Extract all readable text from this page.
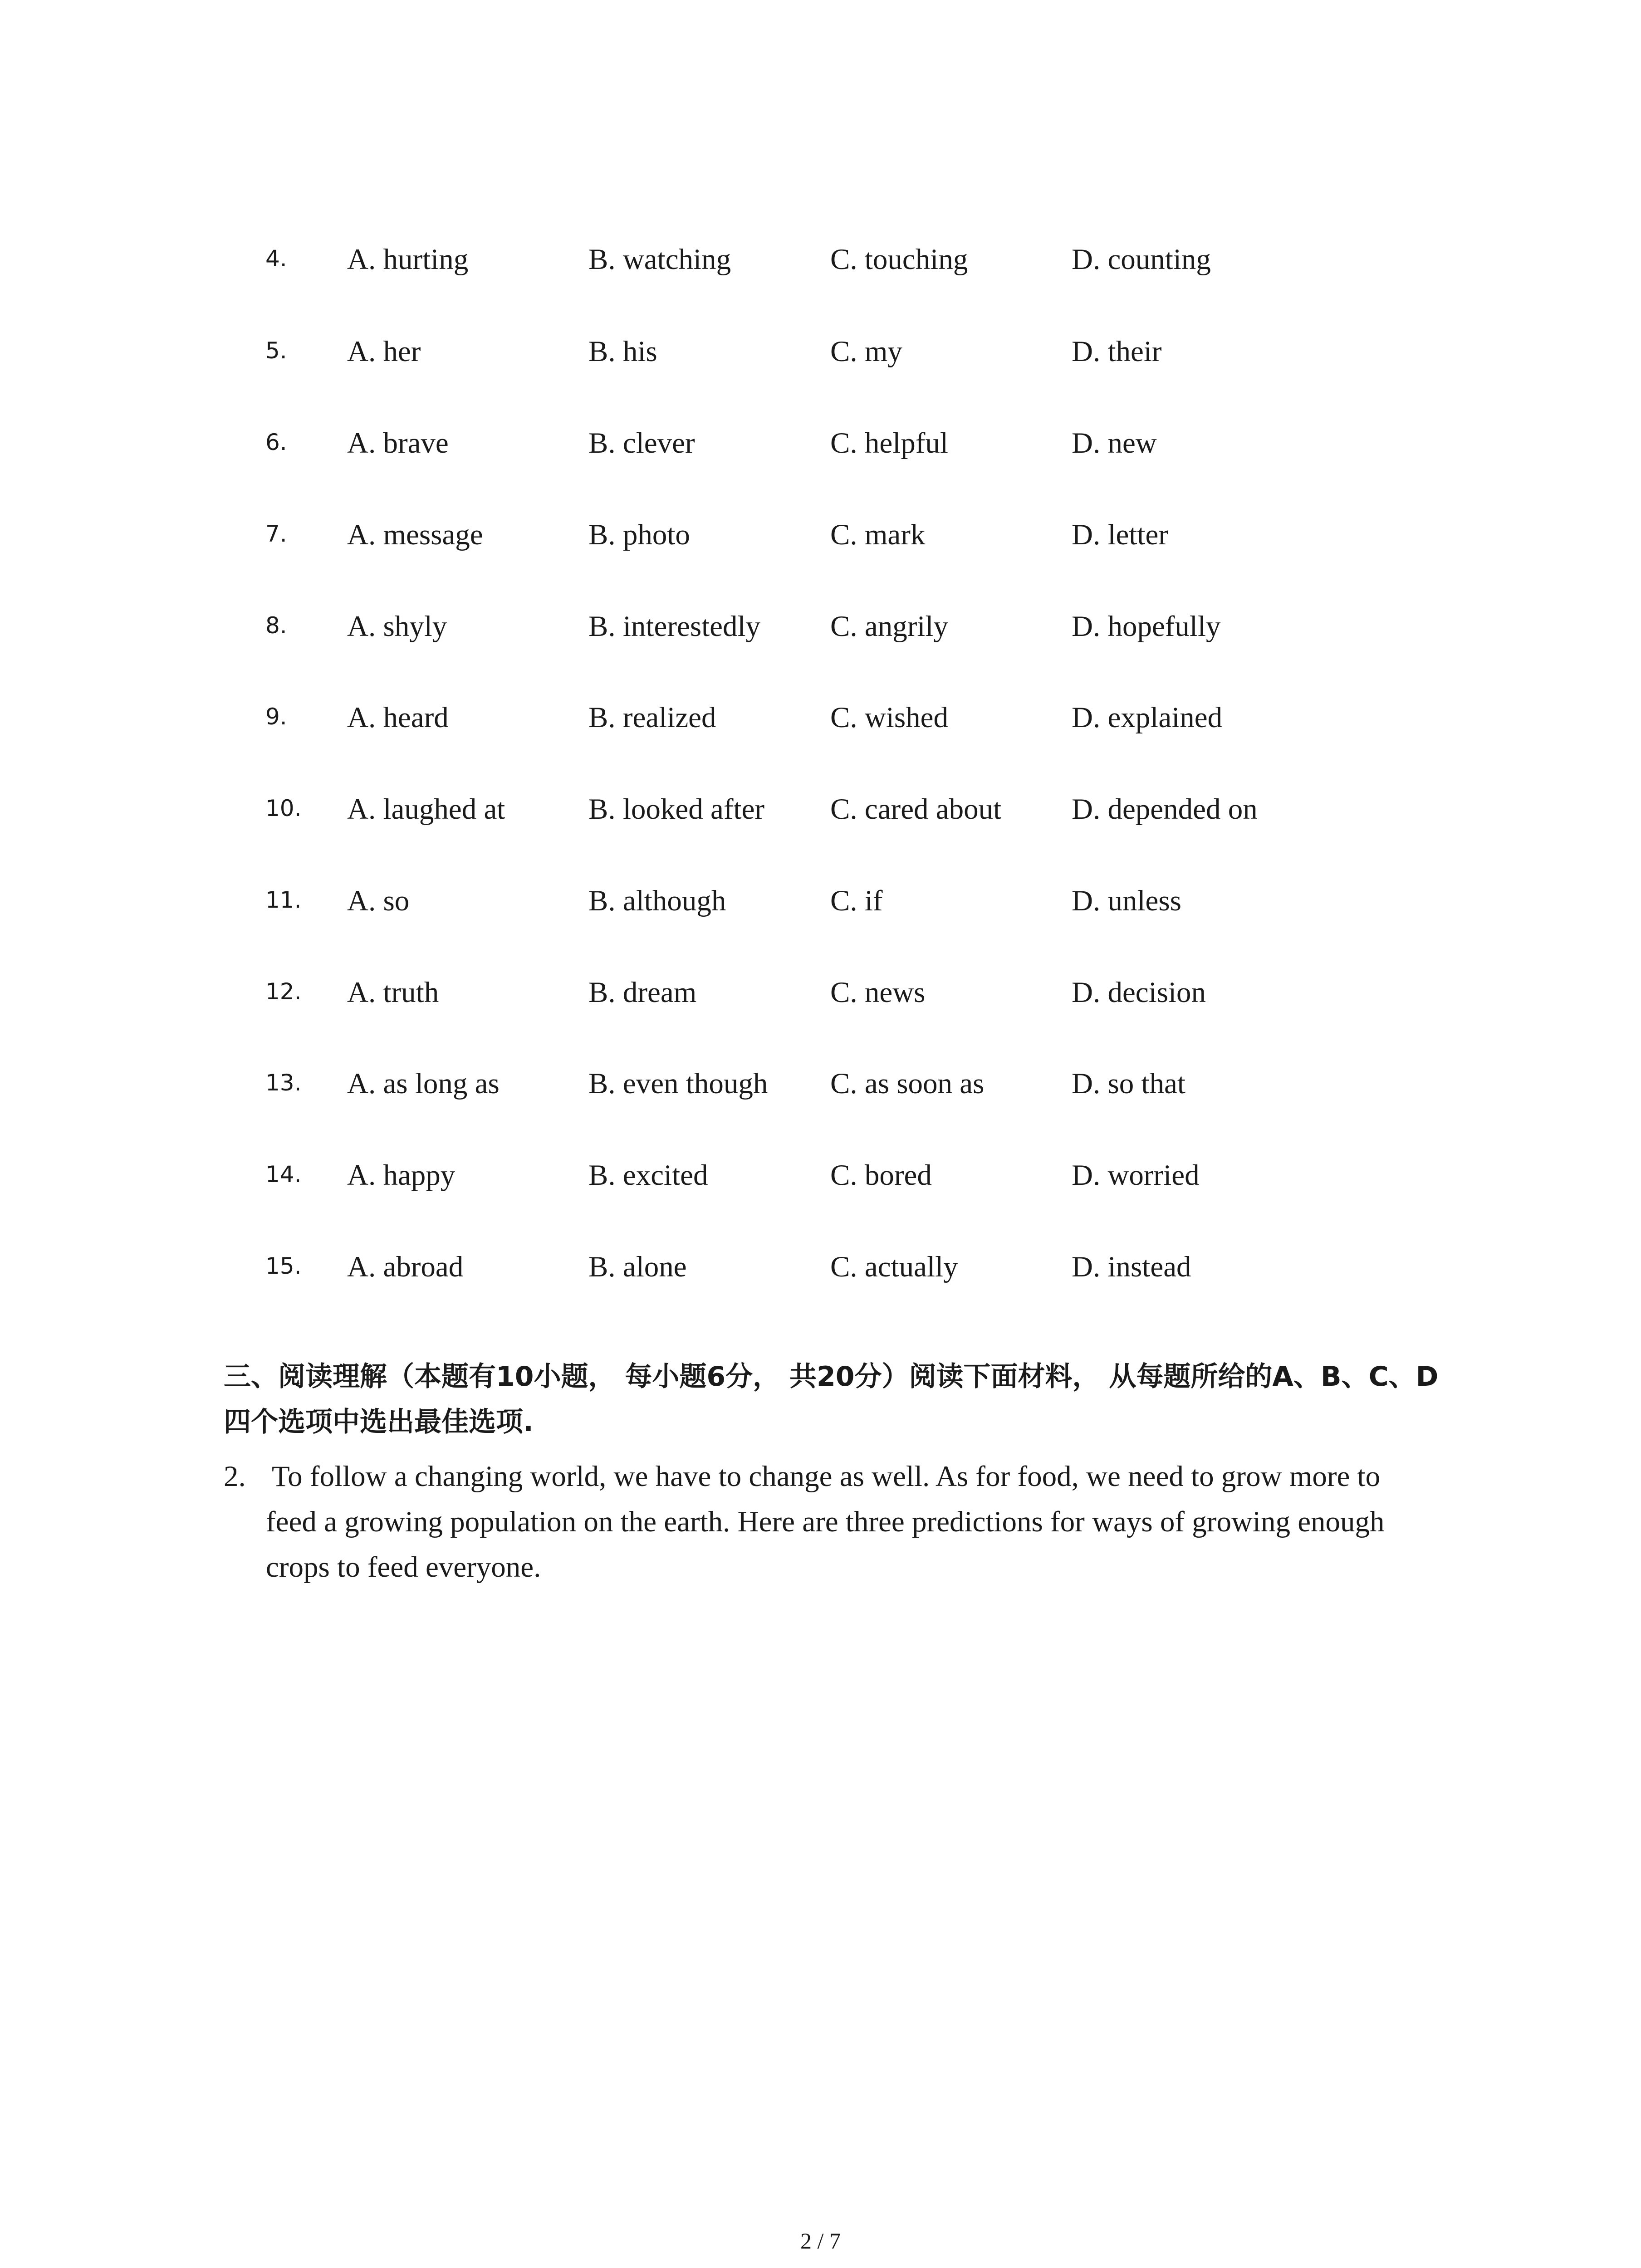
4. A. hurting	B. watching	C. touching	D. counting
5. A. her	B. his	C. my	D. their
6. A. brave	B. clever	C. helpful	D. new
7. A. message	B. photo	C. mark	D. letter
8. A. shyly	B. interestedly C. angrily	D. hopefully
9. A. heard	B. realized	C. wished	D. explained
10. A. laughed at	B. looked after C. cared about D. depended on
11. A. so	B. although	C. if	D. unless
12. A. truth	B. dream	C. news	D. decision
13. A. as long as	B. even though C. as soon as	D. so that
14. A. happy	B. excited	C. bored	D. worried
15. A. abroad	B. alone	C. actually	D. instead
三、阅读理解（本题有10小题， 每小题6分， 共20分）阅读下面材料， 从每题所给的A、B、C、D四个选项中选出最佳选项.
2. To follow a changing world, we have to change as well. As for food, we need to grow more to feed a growing population on the earth. Here are three predictions for ways of growing enough crops to feed everyone.
2 / 7
